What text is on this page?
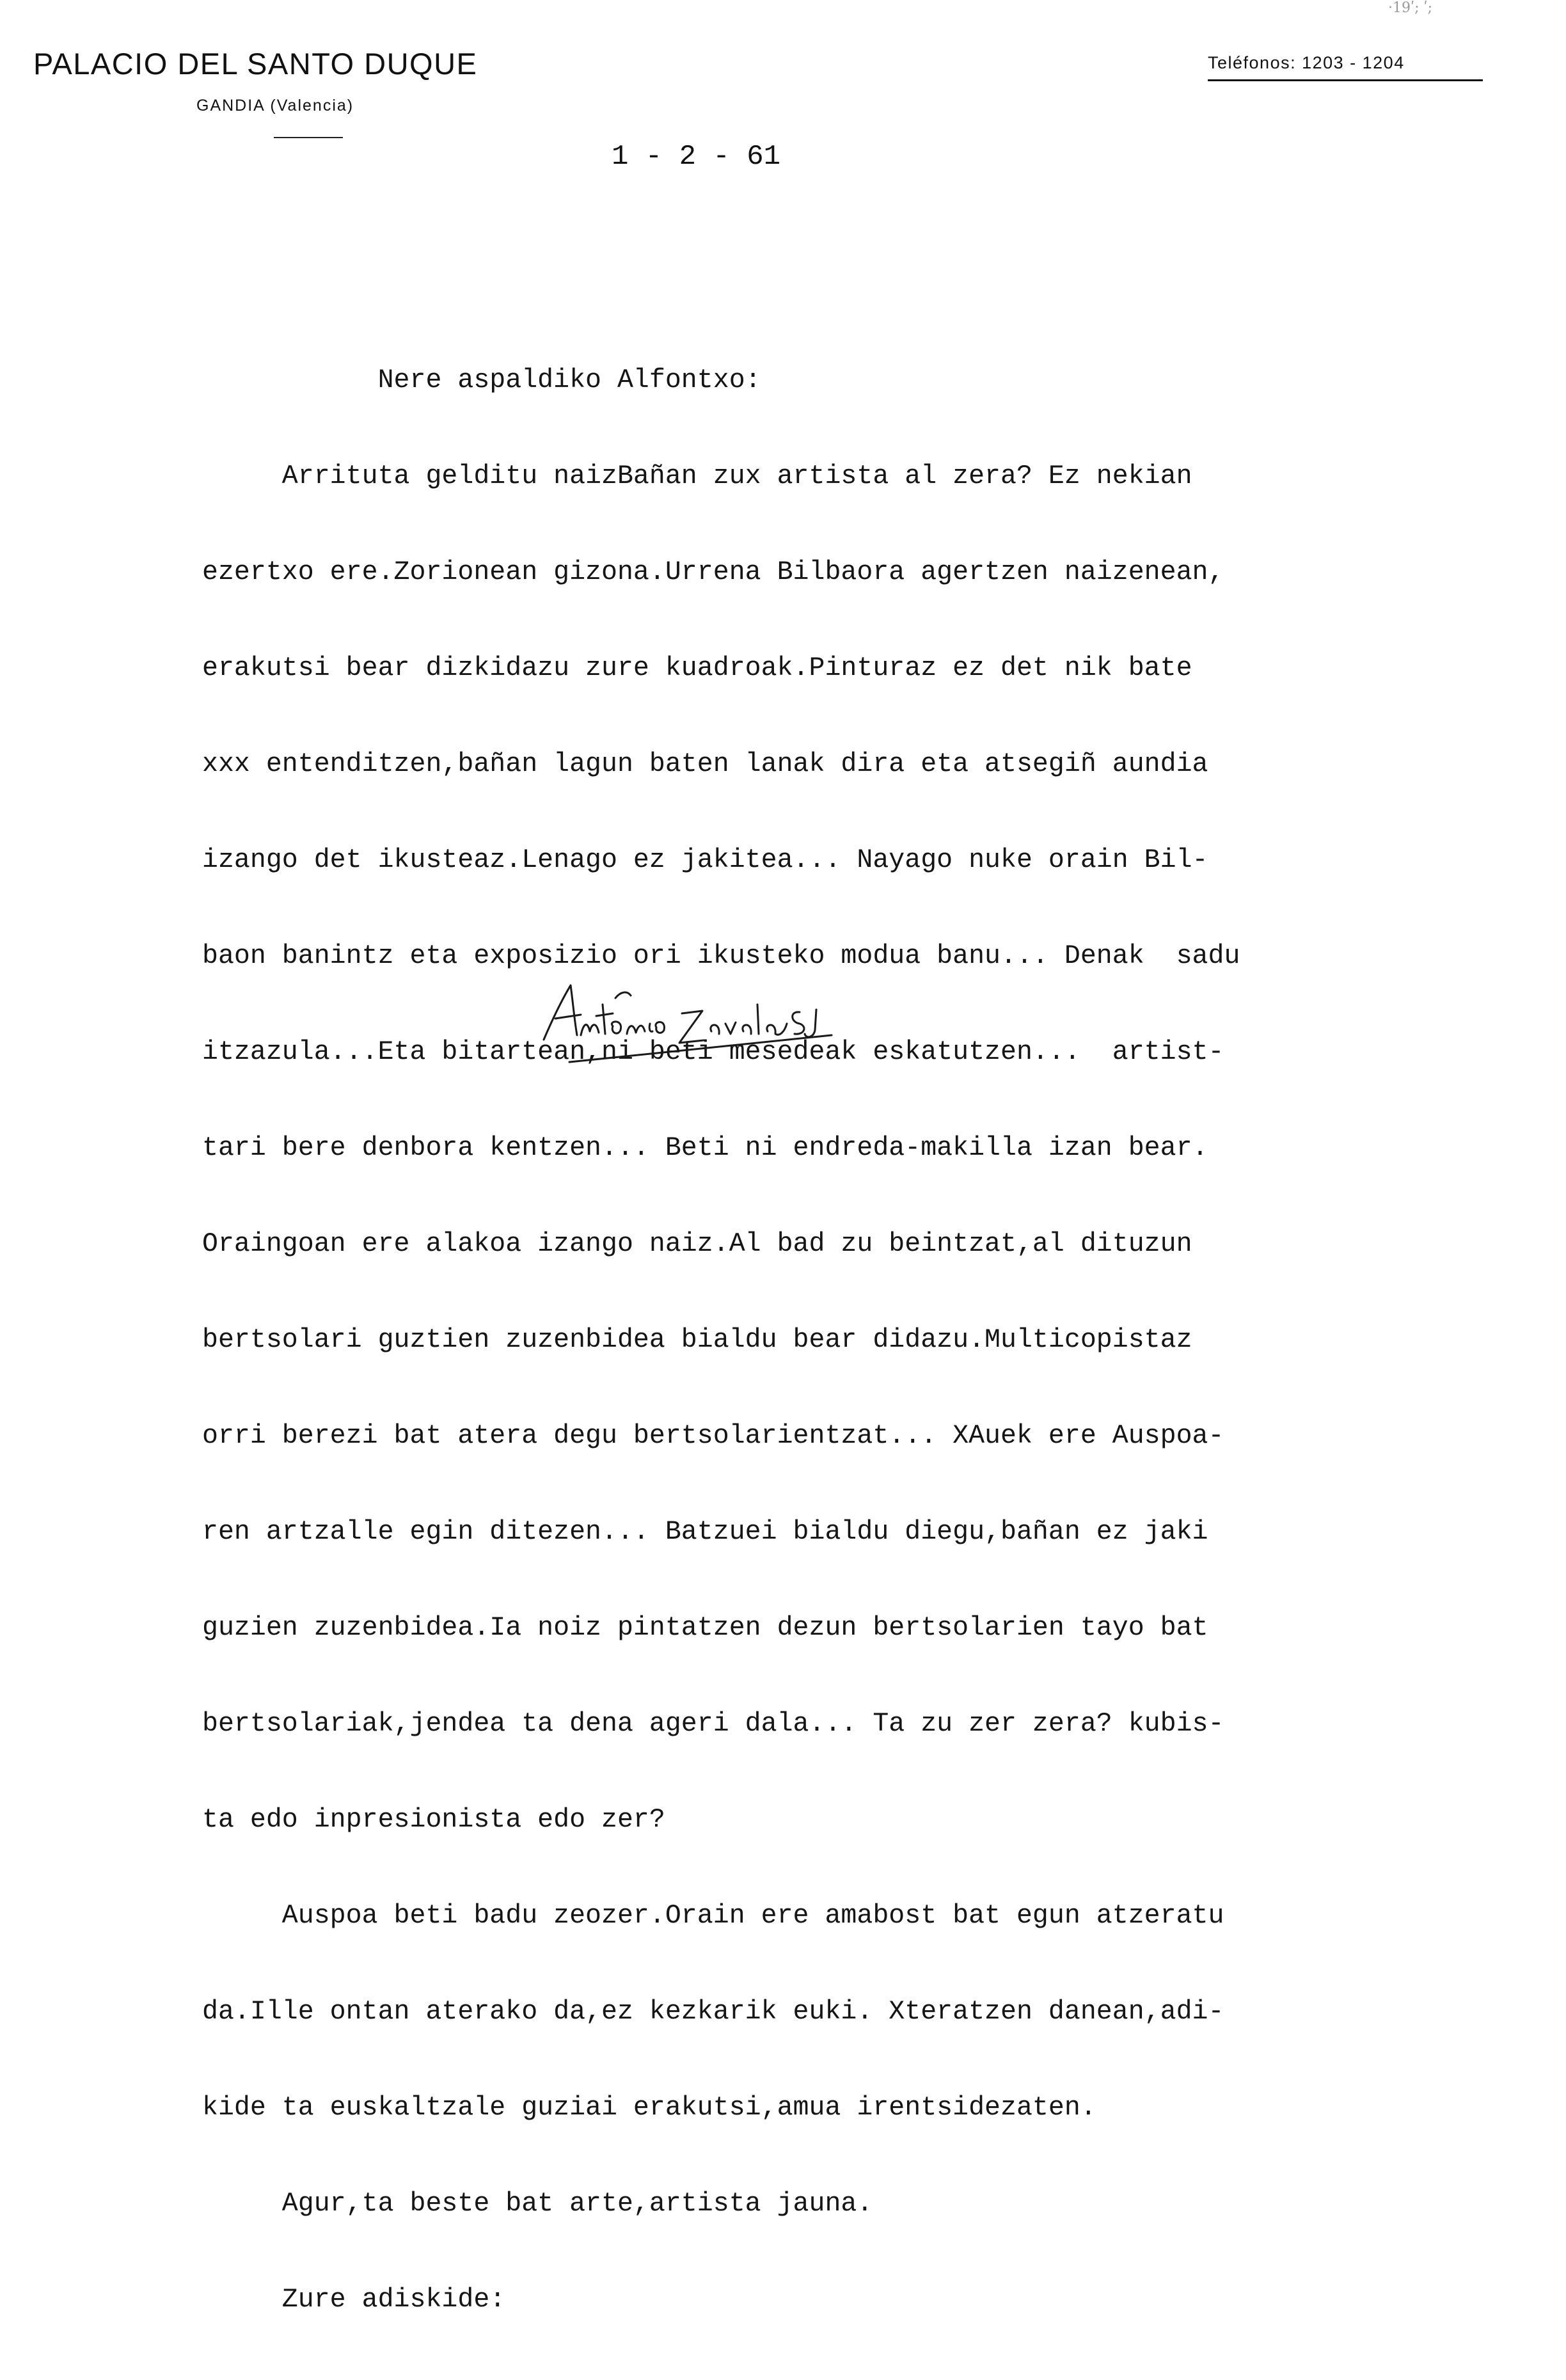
PALACIO DEL SANTO DUQUE
GANDIA (Valencia)
Teléfonos: 1203 - 1204
·19ʹ; ʹ;
1 - 2 - 61

Nere aspaldiko Alfontxo:

Arrituta gelditu naizBañan zux artista al zera? Ez nekian

ezertxo ere.Zorionean gizona.Urrena Bilbaora agertzen naizenean,

erakutsi bear dizkidazu zure kuadroak.Pinturaz ez det nik bate

xxx entenditzen,bañan lagun baten lanak dira eta atsegiñ aundia

izango det ikusteaz.Lenago ez jakitea... Nayago nuke orain Bil-

baon banintz eta exposizio ori ikusteko modua banu... Denak  sadu

itzazula...Eta bitartean,ni beti mesedeak eskatutzen...  artist-

tari bere denbora kentzen... Beti ni endreda-makilla izan bear.

Oraingoan ere alakoa izango naiz.Al bad zu beintzat,al dituzun

bertsolari guztien zuzenbidea bialdu bear didazu.Multicopistaz

orri berezi bat atera degu bertsolarientzat... XAuek ere Auspoa-

ren artzalle egin ditezen... Batzuei bialdu diegu,bañan ez jaki

guzien zuzenbidea.Ia noiz pintatzen dezun bertsolarien tayo bat

bertsolariak,jendea ta dena ageri dala... Ta zu zer zera? kubis-

ta edo inpresionista edo zer?

Auspoa beti badu zeozer.Orain ere amabost bat egun atzeratu

da.Ille ontan aterako da,ez kezkarik euki. Xteratzen danean,adi-

kide ta euskaltzale guziai erakutsi,amua irentsidezaten.

Agur,ta beste bat arte,artista jauna.

Zure adiskide:
